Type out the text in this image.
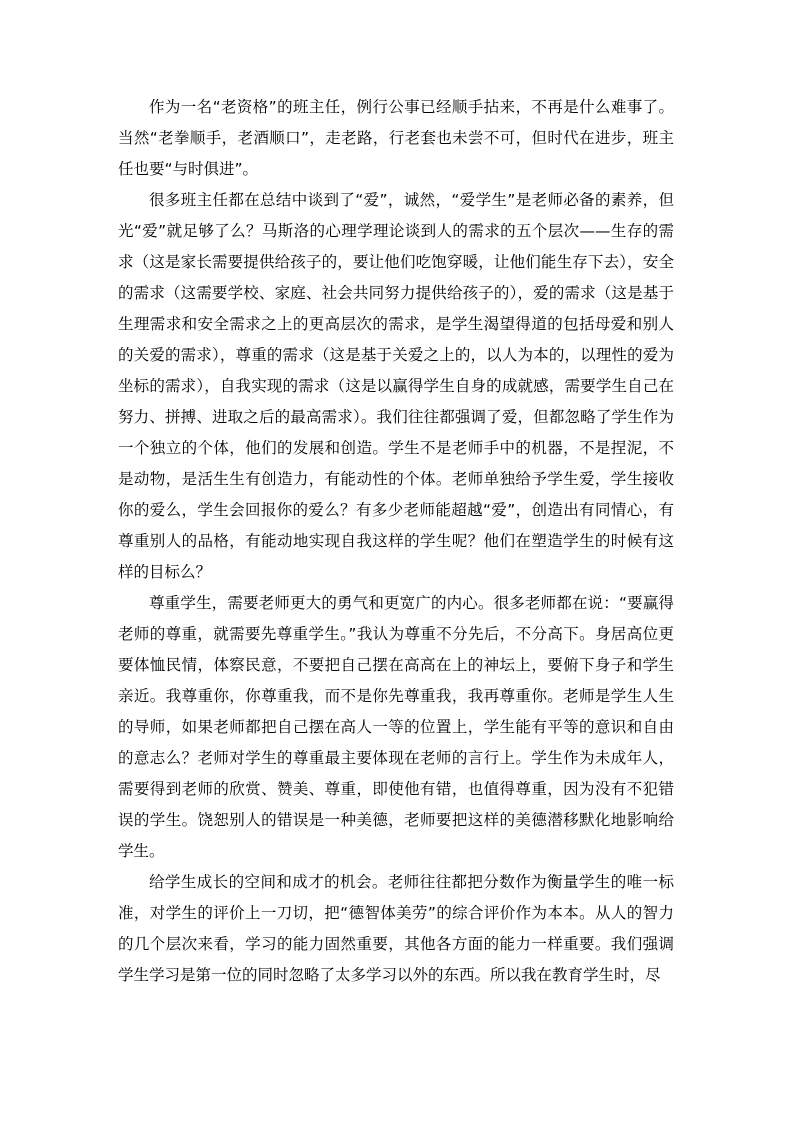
作为一名“老资格”的班主任，例行公事已经顺手拈来，不再是什么难事了。当然“老拳顺手，老酒顺口”，走老路，行老套也未尝不可，但时代在进步，班主任也要“与时俱进”。

很多班主任都在总结中谈到了“爱”，诚然，“爱学生”是老师必备的素养，但光“爱”就足够了么？马斯洛的心理学理论谈到人的需求的五个层次——生存的需求（这是家长需要提供给孩子的，要让他们吃饱穿暖，让他们能生存下去），安全的需求（这需要学校、家庭、社会共同努力提供给孩子的），爱的需求（这是基于生理需求和安全需求之上的更高层次的需求，是学生渴望得道的包括母爱和别人的关爱的需求），尊重的需求（这是基于关爱之上的，以人为本的，以理性的爱为坐标的需求），自我实现的需求（这是以赢得学生自身的成就感，需要学生自己在努力、拼搏、进取之后的最高需求）。我们往往都强调了爱，但都忽略了学生作为一个独立的个体，他们的发展和创造。学生不是老师手中的机器，不是捏泥，不是动物，是活生生有创造力，有能动性的个体。老师单独给予学生爱，学生接收你的爱么，学生会回报你的爱么？有多少老师能超越“爱”，创造出有同情心，有尊重别人的品格，有能动地实现自我这样的学生呢？他们在塑造学生的时候有这样的目标么？

尊重学生，需要老师更大的勇气和更宽广的内心。很多老师都在说：“要赢得老师的尊重，就需要先尊重学生。”我认为尊重不分先后，不分高下。身居高位更要体恤民情，体察民意，不要把自己摆在高高在上的神坛上，要俯下身子和学生亲近。我尊重你，你尊重我，而不是你先尊重我，我再尊重你。老师是学生人生的导师，如果老师都把自己摆在高人一等的位置上，学生能有平等的意识和自由的意志么？老师对学生的尊重最主要体现在老师的言行上。学生作为未成年人，需要得到老师的欣赏、赞美、尊重，即使他有错，也值得尊重，因为没有不犯错误的学生。饶恕别人的错误是一种美德，老师要把这样的美德潜移默化地影响给学生。

给学生成长的空间和成才的机会。老师往往都把分数作为衡量学生的唯一标准，对学生的评价上一刀切，把“德智体美劳”的综合评价作为本本。从人的智力的几个层次来看，学习的能力固然重要，其他各方面的能力一样重要。我们强调学生学习是第一位的同时忽略了太多学习以外的东西。所以我在教育学生时，尽
